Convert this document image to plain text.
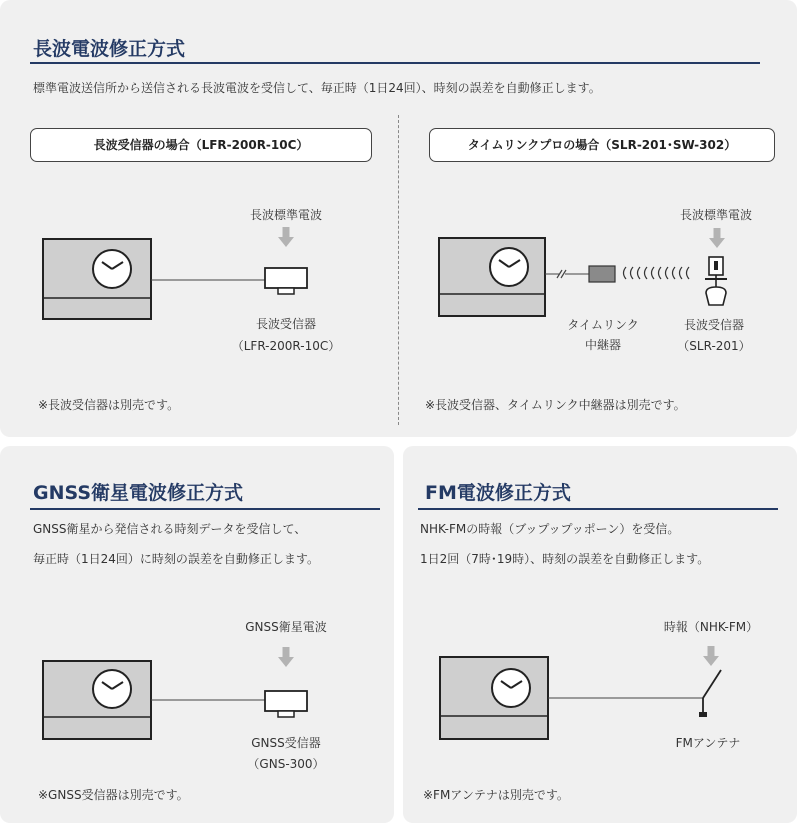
長波電波修正方式
標準電波送信所から送信される長波電波を受信して、毎正時（1日24回）、時刻の誤差を自動修正します。
長波受信器の場合（LFR-200R-10C）
長波標準電波
長波受信器
（LFR-200R-10C）
※長波受信器は別売です。
タイムリンクプロの場合（SLR-201･SW-302）
長波標準電波
タイムリンク
中継器
長波受信器
（SLR-201）
※長波受信器、タイムリンク中継器は別売です。
GNSS衛星電波修正方式
GNSS衛星から発信される時刻データを受信して、
毎正時（1日24回）に時刻の誤差を自動修正します。
GNSS衛星電波
GNSS受信器
（GNS-300）
※GNSS受信器は別売です。
FM電波修正方式
NHK-FMの時報（ブップップッポーン）を受信。
1日2回（7時･19時）、時刻の誤差を自動修正します。
時報（NHK-FM）
FMアンテナ
※FMアンテナは別売です。
